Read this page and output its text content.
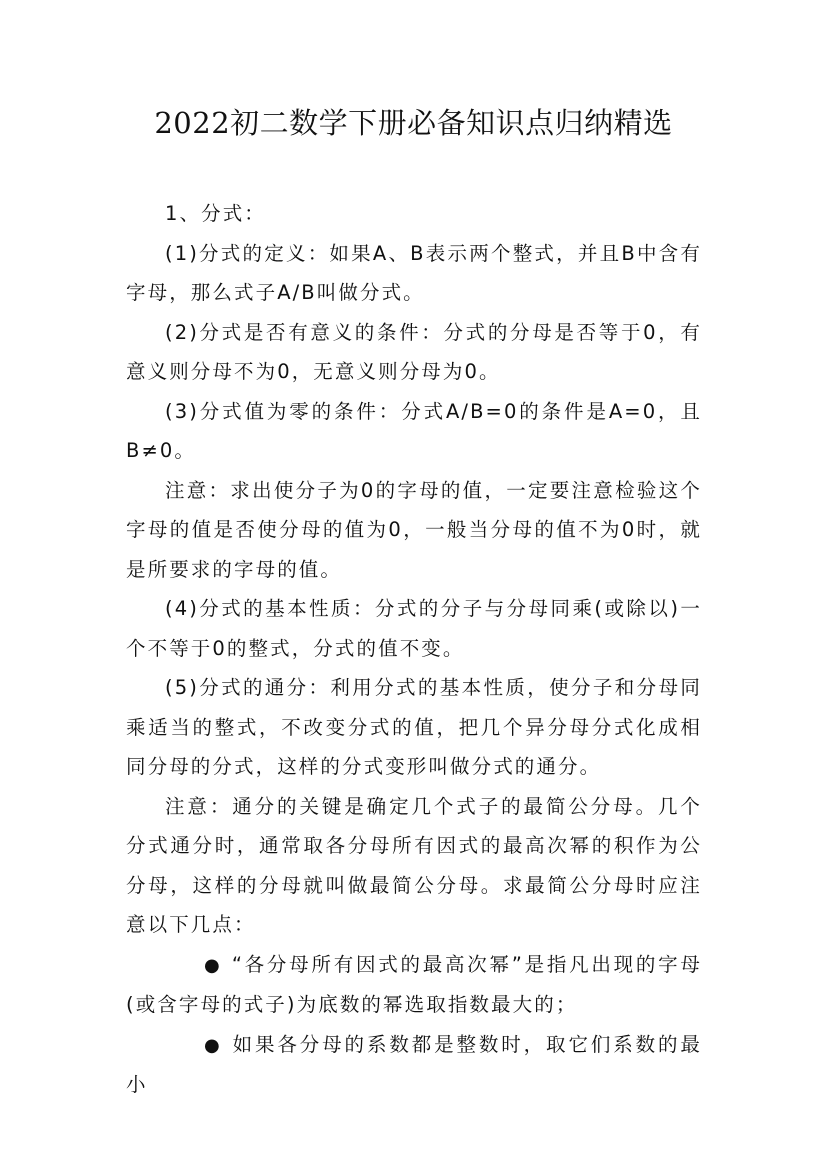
2022初二数学下册必备知识点归纳精选

1、分式：

(1)分式的定义：如果A、B表示两个整式，并且B中含有字母，那么式子A/B叫做分式。

(2)分式是否有意义的条件：分式的分母是否等于0，有意义则分母不为0，无意义则分母为0。

(3)分式值为零的条件：分式A/B=0的条件是A=0，且B≠0。

注意：求出使分子为0的字母的值，一定要注意检验这个字母的值是否使分母的值为0，一般当分母的值不为0时，就是所要求的字母的值。

(4)分式的基本性质：分式的分子与分母同乘(或除以)一个不等于0的整式，分式的值不变。

(5)分式的通分：利用分式的基本性质，使分子和分母同乘适当的整式，不改变分式的值，把几个异分母分式化成相同分母的分式，这样的分式变形叫做分式的通分。

注意：通分的关键是确定几个式子的最简公分母。几个分式通分时，通常取各分母所有因式的最高次幂的积作为公分母，这样的分母就叫做最简公分母。求最简公分母时应注意以下几点：

● “各分母所有因式的最高次幂”是指凡出现的字母(或含字母的式子)为底数的幂选取指数最大的；

● 如果各分母的系数都是整数时，取它们系数的最小
